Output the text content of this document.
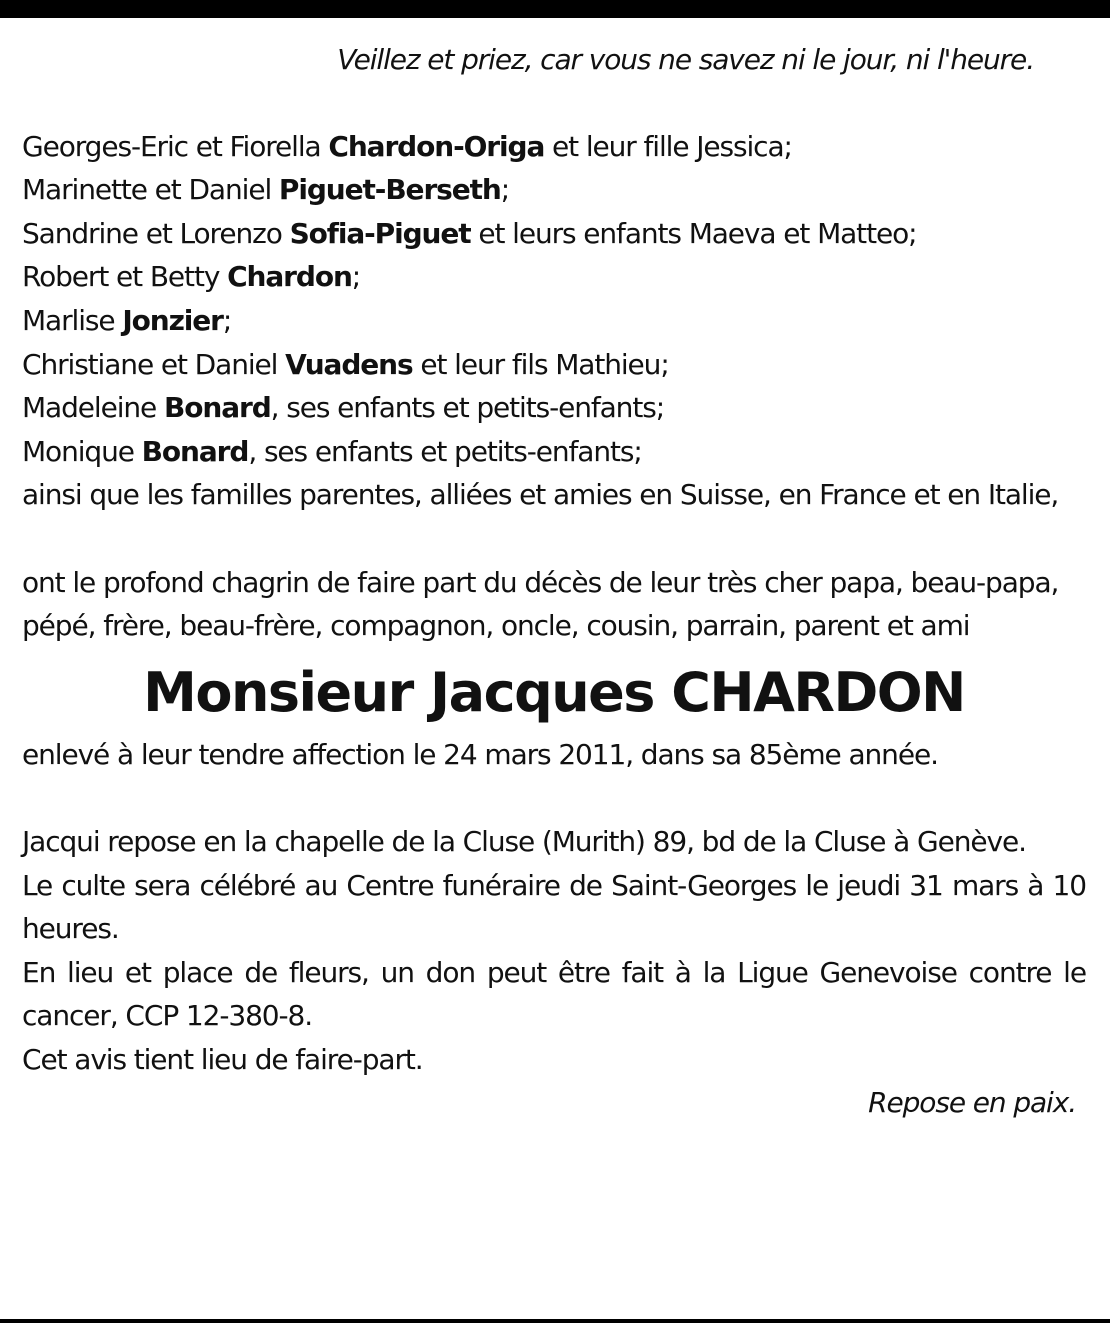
Veillez et priez, car vous ne savez ni le jour, ni l'heure.
Georges-Eric et Fiorella Chardon-Origa et leur fille Jessica;
Marinette et Daniel Piguet-Berseth;
Sandrine et Lorenzo Sofia-Piguet et leurs enfants Maeva et Matteo;
Robert et Betty Chardon;
Marlise Jonzier;
Christiane et Daniel Vuadens et leur fils Mathieu;
Madeleine Bonard, ses enfants et petits-enfants;
Monique Bonard, ses enfants et petits-enfants;
ainsi que les familles parentes, alliées et amies en Suisse, en France et en Italie,
ont le profond chagrin de faire part du décès de leur très cher papa, beau-papa, pépé, frère, beau-frère, compagnon, oncle, cousin, parrain, parent et ami
Monsieur Jacques CHARDON
enlevé à leur tendre affection le 24 mars 2011, dans sa 85ème année.
Jacqui repose en la chapelle de la Cluse (Murith) 89, bd de la Cluse à Genève.
Le culte sera célébré au Centre funéraire de Saint-Georges le jeudi 31 mars à 10 heures.
En lieu et place de fleurs, un don peut être fait à la Ligue Genevoise contre le cancer, CCP 12-380-8.
Cet avis tient lieu de faire-part.
Repose en paix.
